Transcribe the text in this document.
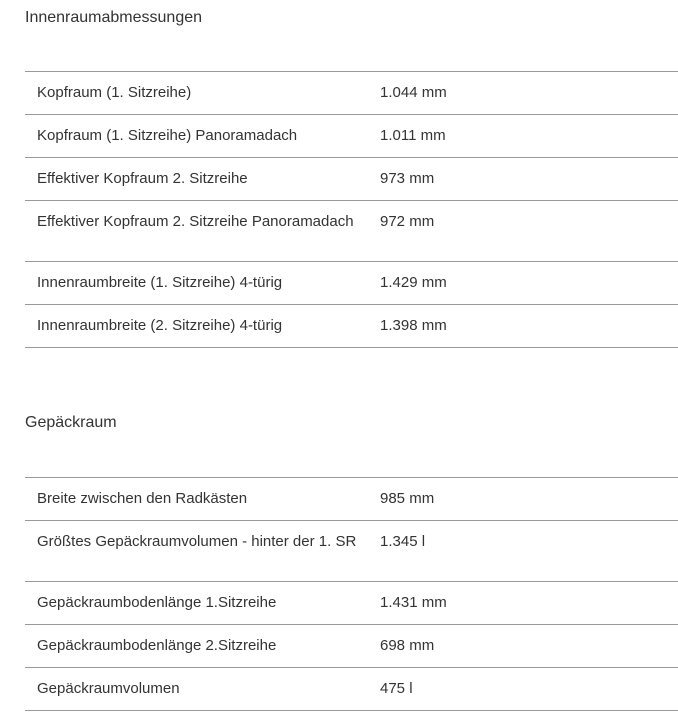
Innenraumabmessungen
Kopfraum (1. Sitzreihe)	1.044 mm
Kopfraum (1. Sitzreihe) Panoramadach	1.011 mm
Effektiver Kopfraum 2. Sitzreihe	973 mm
Effektiver Kopfraum 2. Sitzreihe Panoramadach	972 mm
Innenraumbreite (1. Sitzreihe) 4-türig	1.429 mm
Innenraumbreite (2. Sitzreihe) 4-türig	1.398 mm
Gepäckraum
Breite zwischen den Radkästen	985 mm
Größtes Gepäckraumvolumen - hinter der 1. SR	1.345 l
Gepäckraumbodenlänge 1.Sitzreihe	1.431 mm
Gepäckraumbodenlänge 2.Sitzreihe	698 mm
Gepäckraumvolumen	475 l
